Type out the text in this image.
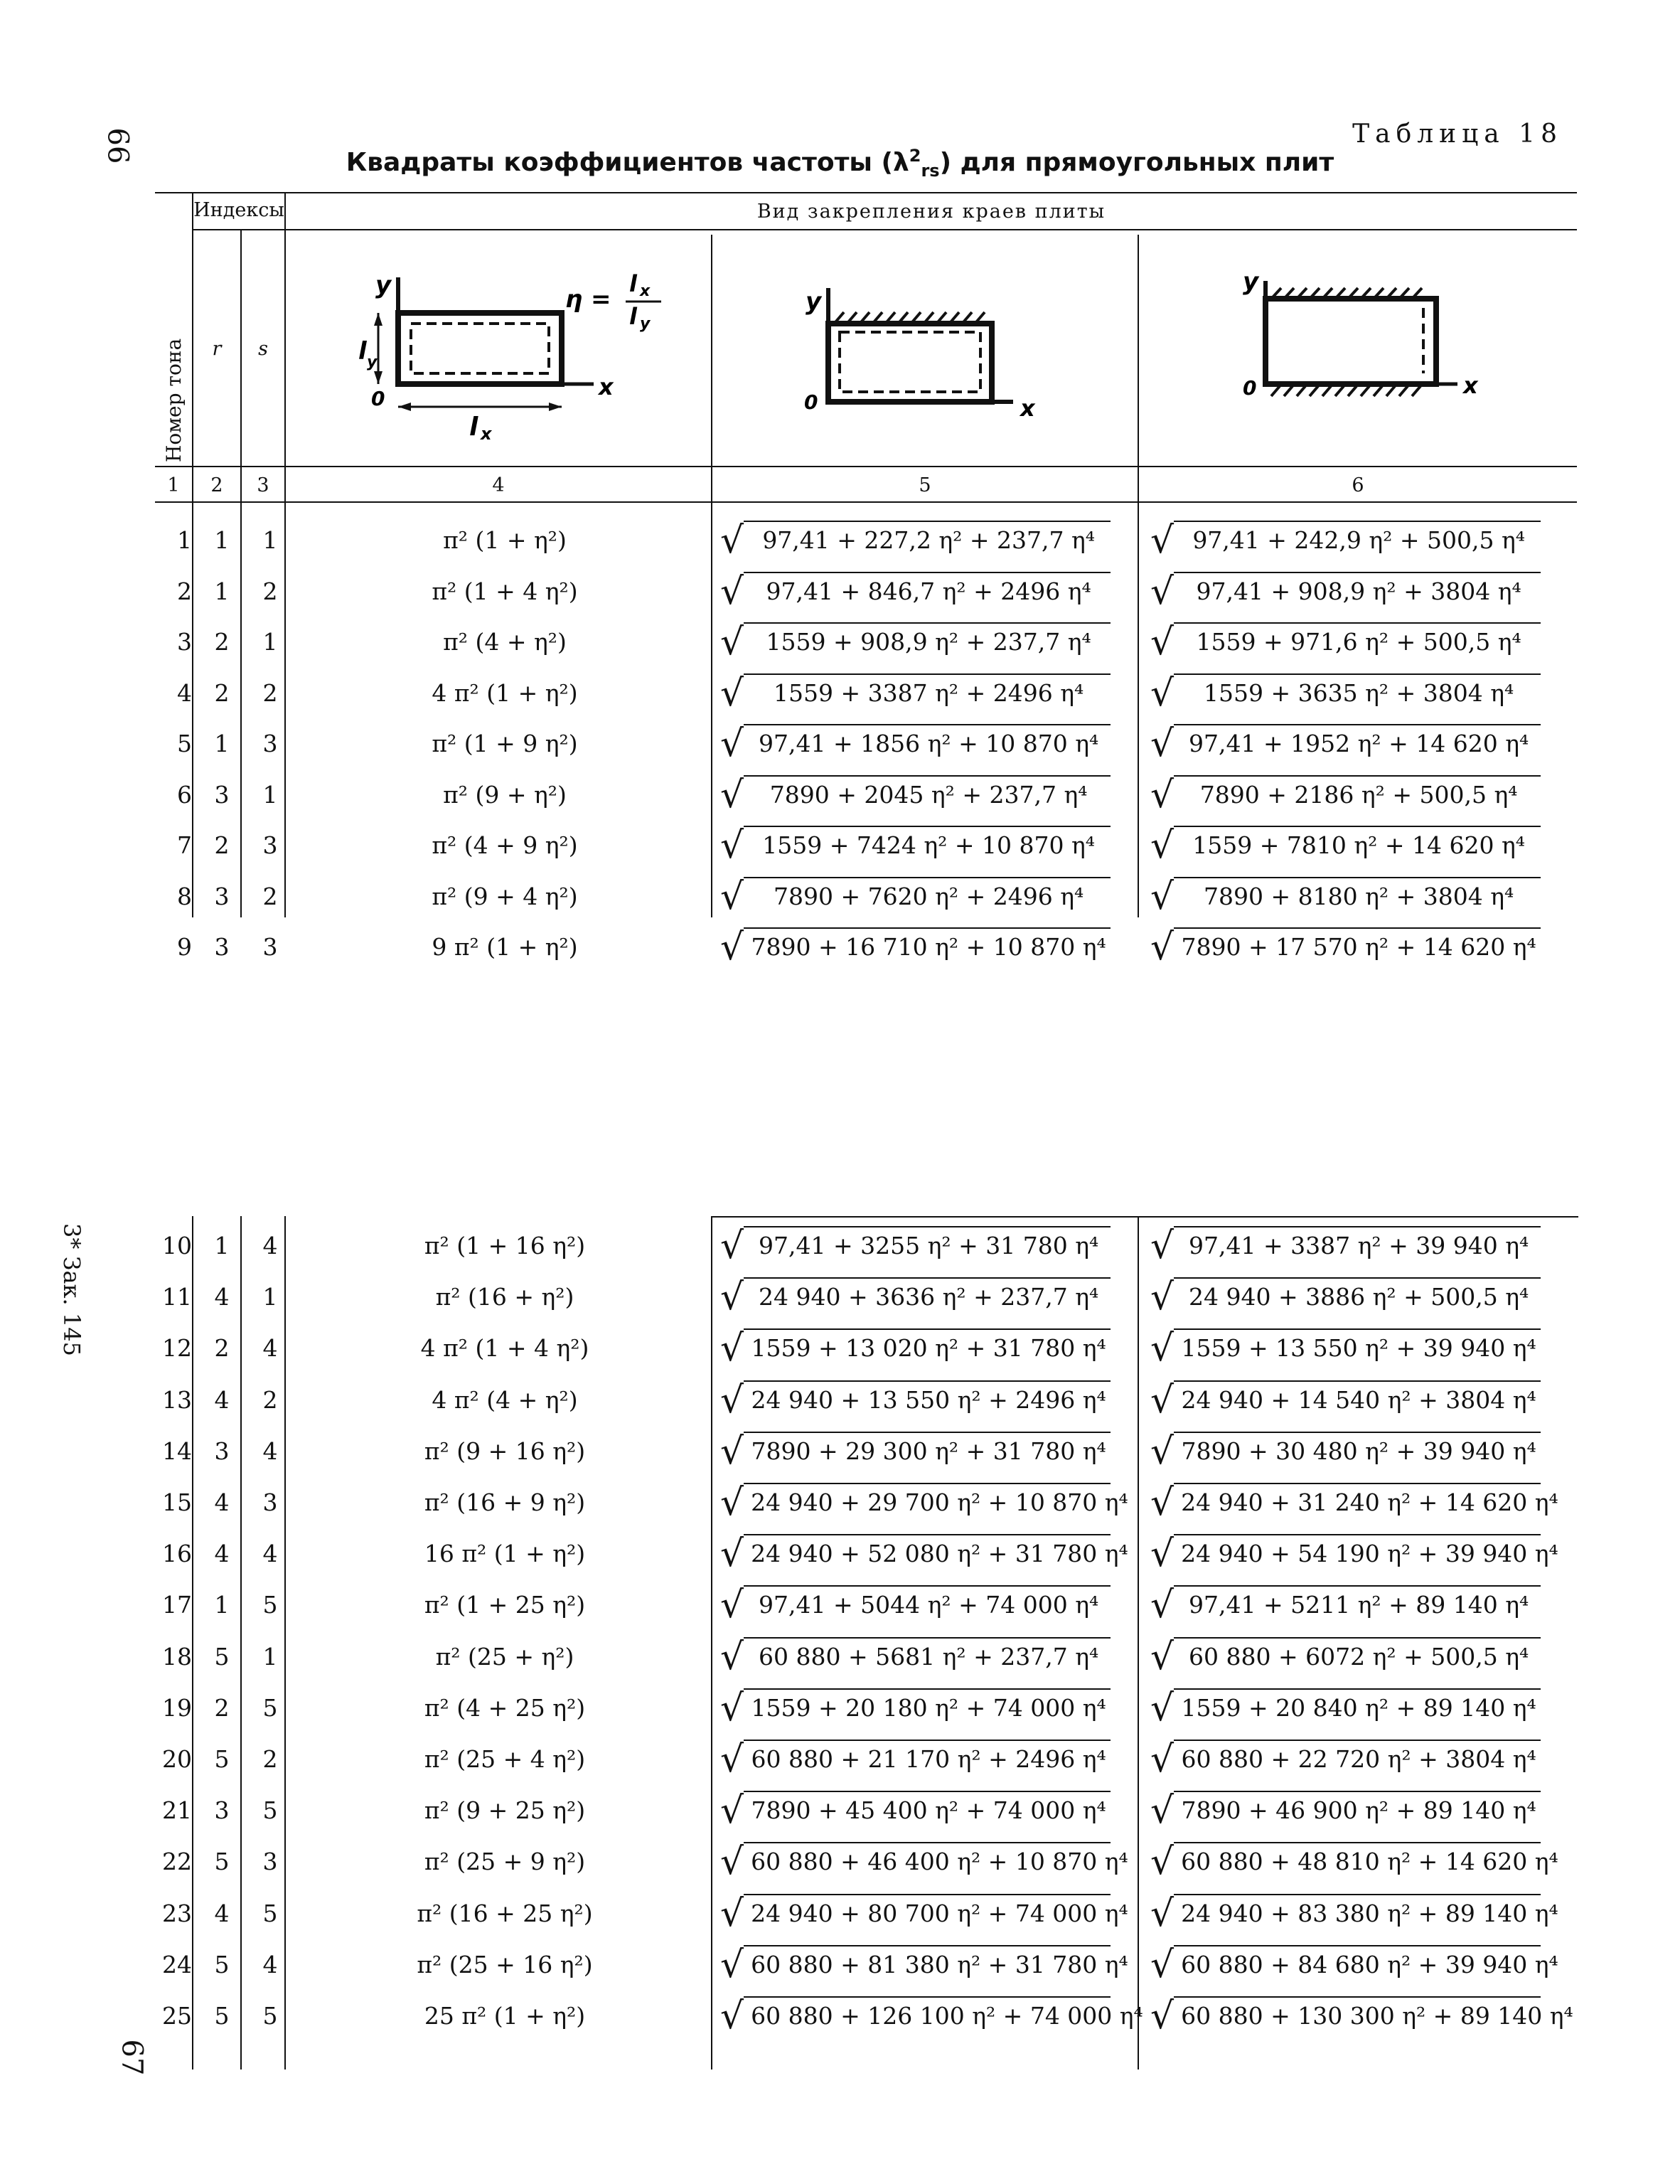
66
3* Зак. 145
67
Таблица 18
Квадраты коэффициентов частоты $(\lambda^2_{rs})$ для прямоугольных плит
Номер тона
Индексы
r	s
Вид закрепления краев плиты
1	2	3	4	5	6
y
x
0
l y
l x
η =
l x
l y
y
x
0
y
x
0
1 1	1	π² (1 + η²)	√ 97,41 + 227,2 η² + 237,7 η⁴	√ 97,41 + 242,9 η² + 500,5 η⁴
2 1	2	π² (1 + 4 η²)	√ 97,41 + 846,7 η² + 2496 η⁴	√ 97,41 + 908,9 η² + 3804 η⁴
3 2	1	π² (4 + η²)	√ 1559 + 908,9 η² + 237,7 η⁴	√ 1559 + 971,6 η² + 500,5 η⁴
4 2	2	4 π² (1 + η²)	√ 1559 + 3387 η² + 2496 η⁴	√ 1559 + 3635 η² + 3804 η⁴
5 1	3	π² (1 + 9 η²)	√ 97,41 + 1856 η² + 10 870 η⁴	√ 97,41 + 1952 η² + 14 620 η⁴
6 3	1	π² (9 + η²)	√ 7890 + 2045 η² + 237,7 η⁴	√ 7890 + 2186 η² + 500,5 η⁴
7 2	3	π² (4 + 9 η²)	√ 1559 + 7424 η² + 10 870 η⁴	√ 1559 + 7810 η² + 14 620 η⁴
8 3	2	π² (9 + 4 η²)	√ 7890 + 7620 η² + 2496 η⁴	√ 7890 + 8180 η² + 3804 η⁴
9 3	3	9 π² (1 + η²)	√ 7890 + 16 710 η² + 10 870 η⁴	√ 7890 + 17 570 η² + 14 620 η⁴
10 1	4	π² (1 + 16 η²)	√ 97,41 + 3255 η² + 31 780 η⁴	√ 97,41 + 3387 η² + 39 940 η⁴
11 4	1	π² (16 + η²)	√ 24 940 + 3636 η² + 237,7 η⁴	√ 24 940 + 3886 η² + 500,5 η⁴
12 2	4	4 π² (1 + 4 η²)	√ 1559 + 13 020 η² + 31 780 η⁴	√ 1559 + 13 550 η² + 39 940 η⁴
13 4	2	4 π² (4 + η²)	√ 24 940 + 13 550 η² + 2496 η⁴	√ 24 940 + 14 540 η² + 3804 η⁴
14 3	4	π² (9 + 16 η²)	√ 7890 + 29 300 η² + 31 780 η⁴	√ 7890 + 30 480 η² + 39 940 η⁴
15 4	3	π² (16 + 9 η²)	√ 24 940 + 29 700 η² + 10 870 η⁴ √ 24 940 + 31 240 η² + 14 620 η⁴
16 4	4	16 π² (1 + η²)	√ 24 940 + 52 080 η² + 31 780 η⁴ √ 24 940 + 54 190 η² + 39 940 η⁴
17 1	5	π² (1 + 25 η²)	√ 97,41 + 5044 η² + 74 000 η⁴	√ 97,41 + 5211 η² + 89 140 η⁴
18 5	1	π² (25 + η²)	√ 60 880 + 5681 η² + 237,7 η⁴	√ 60 880 + 6072 η² + 500,5 η⁴
19 2	5	π² (4 + 25 η²)	√ 1559 + 20 180 η² + 74 000 η⁴	√ 1559 + 20 840 η² + 89 140 η⁴
20 5	2	π² (25 + 4 η²)	√ 60 880 + 21 170 η² + 2496 η⁴	√ 60 880 + 22 720 η² + 3804 η⁴
21 3	5	π² (9 + 25 η²)	√ 7890 + 45 400 η² + 74 000 η⁴	√ 7890 + 46 900 η² + 89 140 η⁴
22 5	3	π² (25 + 9 η²)	√ 60 880 + 46 400 η² + 10 870 η⁴ √ 60 880 + 48 810 η² + 14 620 η⁴
23 4	5	π² (16 + 25 η²)	√ 24 940 + 80 700 η² + 74 000 η⁴ √ 24 940 + 83 380 η² + 89 140 η⁴
24 5	4	π² (25 + 16 η²)	√ 60 880 + 81 380 η² + 31 780 η⁴ √ 60 880 + 84 680 η² + 39 940 η⁴
25 5	5	25 π² (1 + η²)	√ 60 880 + 126 100 η² + 74 000 η⁴ √ 60 880 + 130 300 η² + 89 140 η⁴
